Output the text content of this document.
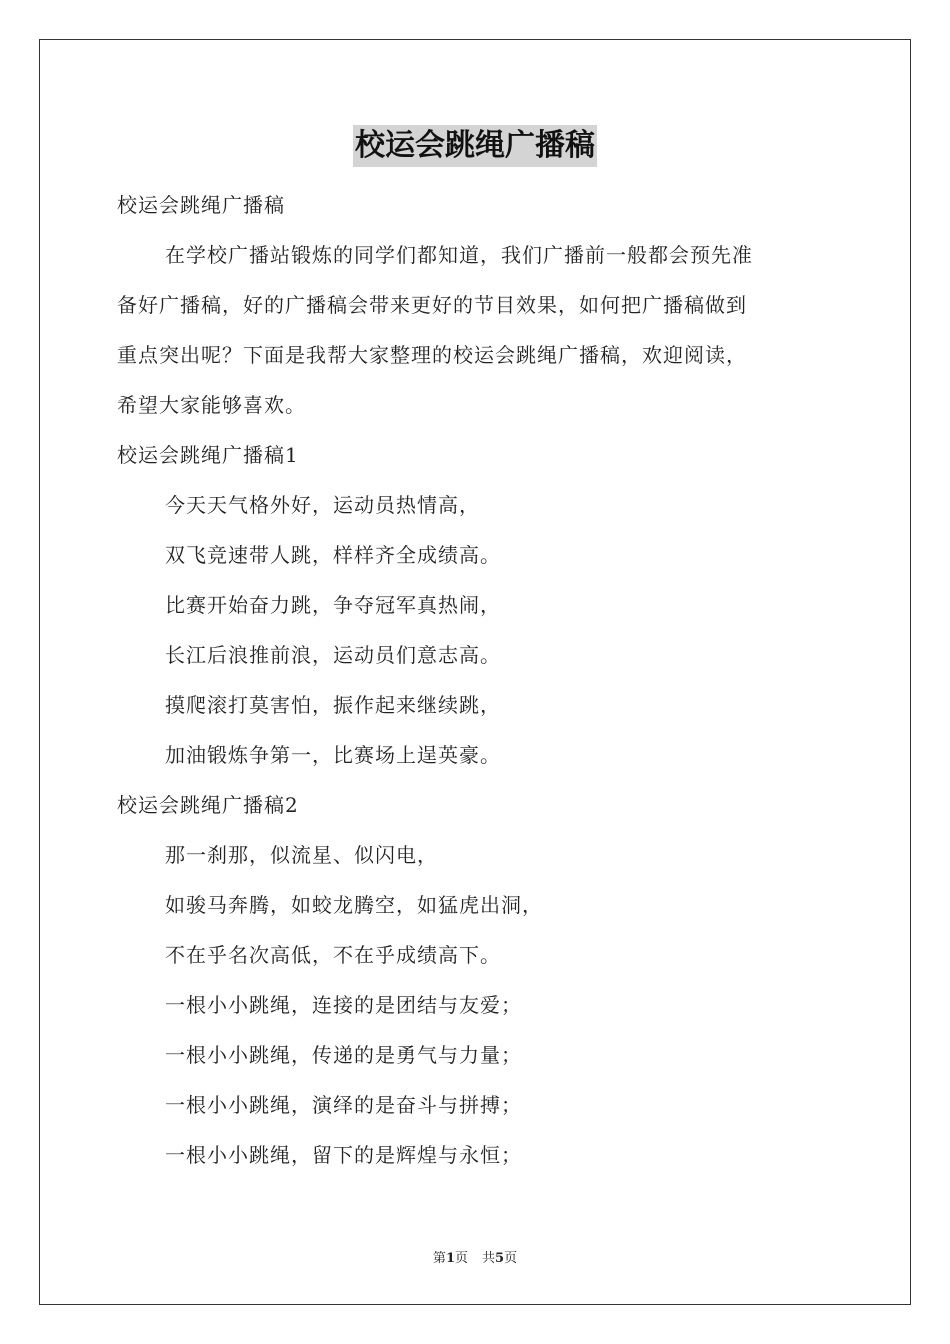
校运会跳绳广播稿
校运会跳绳广播稿
在学校广播站锻炼的同学们都知道，我们广播前一般都会预先准
备好广播稿，好的广播稿会带来更好的节目效果，如何把广播稿做到
重点突出呢？下面是我帮大家整理的校运会跳绳广播稿，欢迎阅读，
希望大家能够喜欢。
校运会跳绳广播稿1
今天天气格外好，运动员热情高，
双飞竞速带人跳，样样齐全成绩高。
比赛开始奋力跳，争夺冠军真热闹，
长江后浪推前浪，运动员们意志高。
摸爬滚打莫害怕，振作起来继续跳，
加油锻炼争第一，比赛场上逞英豪。
校运会跳绳广播稿2
那一刹那，似流星、似闪电，
如骏马奔腾，如蛟龙腾空，如猛虎出洞，
不在乎名次高低，不在乎成绩高下。
一根小小跳绳，连接的是团结与友爱；
一根小小跳绳，传递的是勇气与力量；
一根小小跳绳，演绎的是奋斗与拼搏；
一根小小跳绳，留下的是辉煌与永恒；
第1页 共5页
